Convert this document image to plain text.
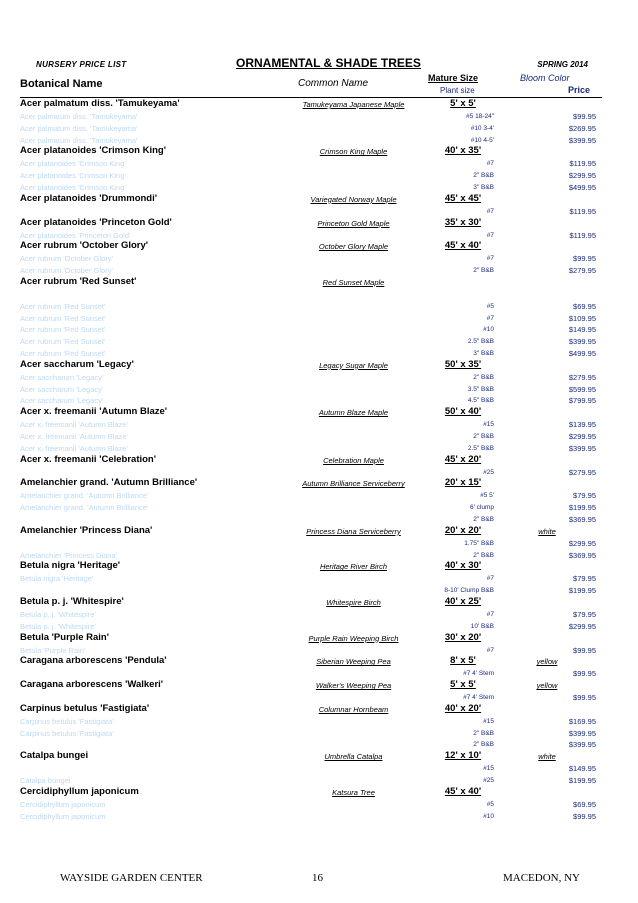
NURSERY PRICE LIST	ORNAMENTAL & SHADE TREES	SPRING 2014
Botanical Name	Common Name	Mature Size	Bloom Color
Plant size	Price
Acer palmatum diss. 'Tamukeyama'	Tamukeyama Japanese Maple	5' x 5'
Acer palmatum diss. 'Tamukeyama'	#5 18-24"	$99.95
Acer palmatum diss. 'Tamukeyama'	#10 3-4'	$269.95
Acer palmatum diss. 'Tamukeyama'	#10 4-5'	$399.95
Acer platanoides 'Crimson King'	Crimson King Maple	40' x 35'
Acer platanoides 'Crimson King'	#7	$119.95
Acer platanoides 'Crimson King'	2" B&B	$299.95
Acer platanoides 'Crimson King'	3" B&B	$499.95
Acer platanoides 'Drummondi'	Variegated Norway Maple	45' x 45'
#7	$119.95
Acer platanoides 'Princeton Gold'	Princeton Gold Maple	35' x 30'
Acer platanoides 'Princeton Gold'	#7	$119.95
Acer rubrum 'October Glory'	October Glory Maple	45' x 40'
Acer rubrum 'October Glory'	#7	$99.95
Acer rubrum 'October Glory'	2" B&B	$279.95
Acer rubrum 'Red Sunset'	Red Sunset Maple
Acer rubrum 'Red Sunset'	#5	$69.95
Acer rubrum 'Red Sunset'	#7	$109.95
Acer rubrum 'Red Sunset'	#10	$149.95
Acer rubrum 'Red Sunset'	2.5" B&B	$399.95
Acer rubrum 'Red Sunset'	3" B&B	$499.95
Acer saccharum 'Legacy'	Legacy Sugar Maple	50' x 35'
Acer saccharum 'Legacy'	2" B&B	$279.95
Acer saccharum 'Legacy'	3.5" B&B	$599.95
Acer saccharum 'Legacy'	4.5" B&B	$799.95
Acer x. freemanii 'Autumn Blaze'	Autumn Blaze Maple	50' x 40'
Acer x. freemanii 'Autumn Blaze'	#15	$139.95
Acer x. freemanii 'Autumn Blaze'	2" B&B	$299.95
Acer x. freemanii 'Autumn Blaze'	2.5" B&B	$399.95
Acer x. freemanii 'Celebration'	Celebration Maple	45' x 20'
#25	$279.95
Amelanchier grand. 'Autumn Brilliance'	Autumn Brilliance Serviceberry	20' x 15'
Amelanchier grand. 'Autumn Brilliance'	#5 5'	$79.95
Amelanchier grand. 'Autumn Brilliance'	6' clump	$199.95
2" B&B	$369.95
Amelanchier 'Princess Diana'	Princess Diana Serviceberry	20' x 20'	white
1.75" B&B	$299.95
Amelanchier 'Princess Diana'	2" B&B	$369.95
Betula nigra 'Heritage'	Heritage River Birch	40' x 30'
Betula nigra 'Heritage'	#7	$79.95
8-10' Clump B&B	$199.95
Betula p. j. 'Whitespire'	Whitespire Birch	40' x 25'
Betula p. j. 'Whitespire'	#7	$79.95
Betula p. j. 'Whitespire'	10' B&B	$299.95
Betula 'Purple Rain'	Purple Rain Weeping Birch	30' x 20'
Betula 'Purple Rain'	#7	$99.95
Caragana arborescens 'Pendula'	Siberian Weeping Pea	8' x 5'	yellow
#7 4' Stem	$99.95
Caragana arborescens 'Walkeri'	Walker's Weeping Pea	5' x 5'	yellow
#7 4' Stem	$99.95
Carpinus betulus 'Fastigiata'	Columnar Hornbeam	40' x 20'
Carpinus betulus 'Fastigiata'	#15	$169.95
Carpinus betulus 'Fastigiata'	2" B&B	$399.95
2" B&B	$399.95
Catalpa bungei	Umbrella Catalpa	12' x 10'	white
#15	$149.95
Catalpa bungei	#25	$199.95
Cercidiphyllum japonicum	Katsura Tree	45' x 40'
Cercidiphyllum japonicum	#5	$69.95
Cercidiphyllum japonicum	#10	$99.95
WAYSIDE GARDEN CENTER	16	MACEDON, NY
